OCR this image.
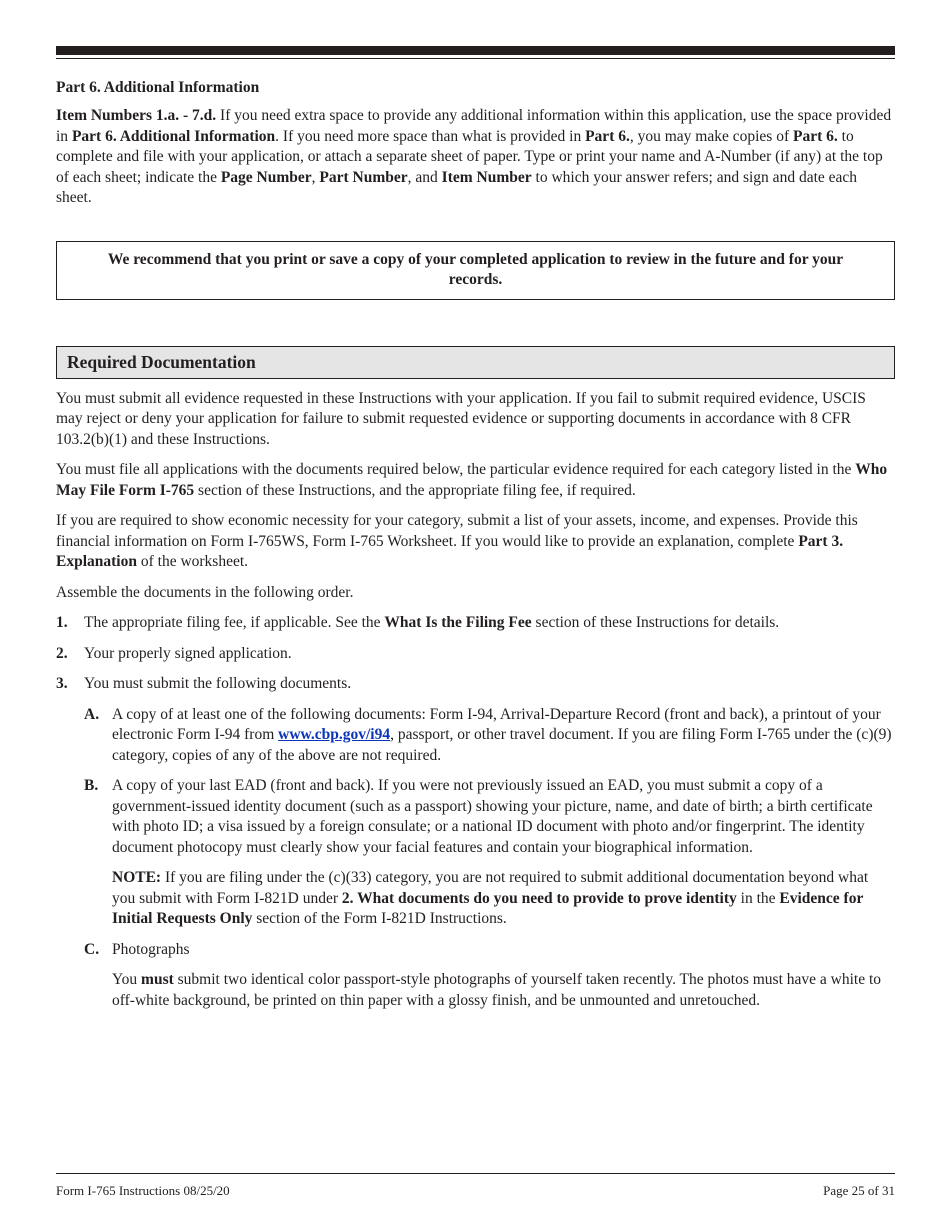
Part 6. Additional Information

Item Numbers 1.a. - 7.d. If you need extra space to provide any additional information within this application, use the space provided in Part 6. Additional Information. If you need more space than what is provided in Part 6., you may make copies of Part 6. to complete and file with your application, or attach a separate sheet of paper. Type or print your name and A-Number (if any) at the top of each sheet; indicate the Page Number, Part Number, and Item Number to which your answer refers; and sign and date each sheet.

We recommend that you print or save a copy of your completed application to review in the future and for your records.
Required Documentation

You must submit all evidence requested in these Instructions with your application. If you fail to submit required evidence, USCIS may reject or deny your application for failure to submit requested evidence or supporting documents in accordance with 8 CFR 103.2(b)(1) and these Instructions.

You must file all applications with the documents required below, the particular evidence required for each category listed in the Who May File Form I-765 section of these Instructions, and the appropriate filing fee, if required.

If you are required to show economic necessity for your category, submit a list of your assets, income, and expenses. Provide this financial information on Form I-765WS, Form I-765 Worksheet. If you would like to provide an explanation, complete Part 3. Explanation of the worksheet.

Assemble the documents in the following order.

1.	The appropriate filing fee, if applicable. See the What Is the Filing Fee section of these Instructions for details.
2.	Your properly signed application.
3.	You must submit the following documents.
A. A copy of at least one of the following documents: Form I-94, Arrival-Departure Record (front and back), a printout of your electronic Form I-94 from www.cbp.gov/i94, passport, or other travel document. If you are filing Form I-765 under the (c)(9) category, copies of any of the above are not required.
B. A copy of your last EAD (front and back). If you were not previously issued an EAD, you must submit a copy of a government-issued identity document (such as a passport) showing your picture, name, and date of birth; a birth certificate with photo ID; a visa issued by a foreign consulate; or a national ID document with photo and/or fingerprint. The identity document photocopy must clearly show your facial features and contain your biographical information.

NOTE: If you are filing under the (c)(33) category, you are not required to submit additional documentation beyond what you submit with Form I-821D under 2. What documents do you need to provide to prove identity in the Evidence for Initial Requests Only section of the Form I-821D Instructions.

C. Photographs

You must submit two identical color passport-style photographs of yourself taken recently. The photos must have a white to off-white background, be printed on thin paper with a glossy finish, and be unmounted and unretouched.

Form I-765 Instructions 08/25/20	Page 25 of 31
